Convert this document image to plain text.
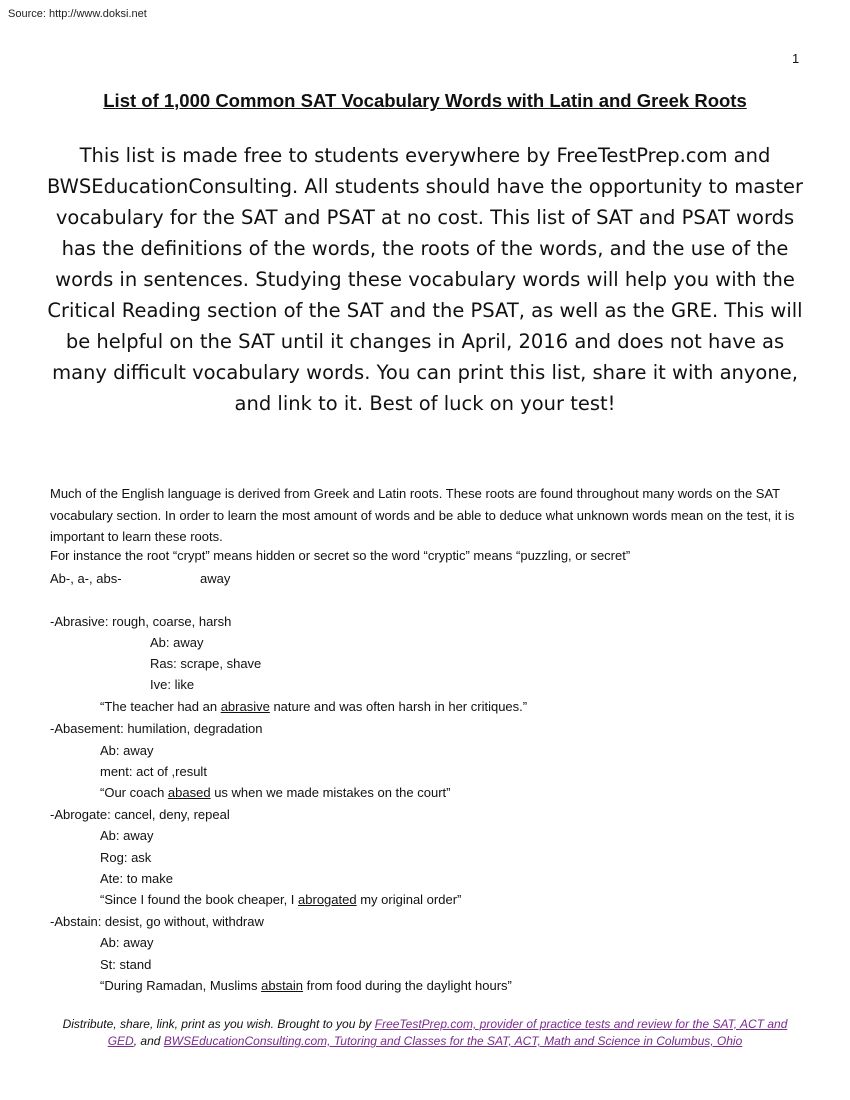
Source: http://www.doksi.net
1
List of 1,000 Common SAT Vocabulary Words with Latin and Greek Roots

This list is made free to students everywhere by FreeTestPrep.com and BWSEducationConsulting. All students should have the opportunity to master vocabulary for the SAT and PSAT at no cost. This list of SAT and PSAT words has the definitions of the words, the roots of the words, and the use of the words in sentences. Studying these vocabulary words will help you with the Critical Reading section of the SAT and the PSAT, as well as the GRE. This will be helpful on the SAT until it changes in April, 2016 and does not have as many difficult vocabulary words. You can print this list, share it with anyone, and link to it. Best of luck on your test!

Much of the English language is derived from Greek and Latin roots. These roots are found throughout many words on the SAT vocabulary section. In order to learn the most amount of words and be able to deduce what unknown words mean on the test, it is important to learn these roots.

For instance the root “crypt” means hidden or secret so the word “cryptic” means “puzzling, or secret”
Ab-, a-, abs-	away
-Abrasive: rough, coarse, harsh
Ab: away
Ras: scrape, shave
Ive: like
“The teacher had an abrasive nature and was often harsh in her critiques.”
-Abasement: humilation, degradation
Ab: away
ment: act of ,result
“Our coach abased us when we made mistakes on the court”
-Abrogate: cancel, deny, repeal
Ab: away
Rog: ask
Ate: to make
“Since I found the book cheaper, I abrogated my original order”
-Abstain: desist, go without, withdraw
Ab: away
St: stand
“During Ramadan, Muslims abstain from food during the daylight hours”

Distribute, share, link, print as you wish. Brought to you by FreeTestPrep.com, provider of practice tests and review for the SAT, ACT and GED, and BWSEducationConsulting.com, Tutoring and Classes for the SAT, ACT, Math and Science in Columbus, Ohio
